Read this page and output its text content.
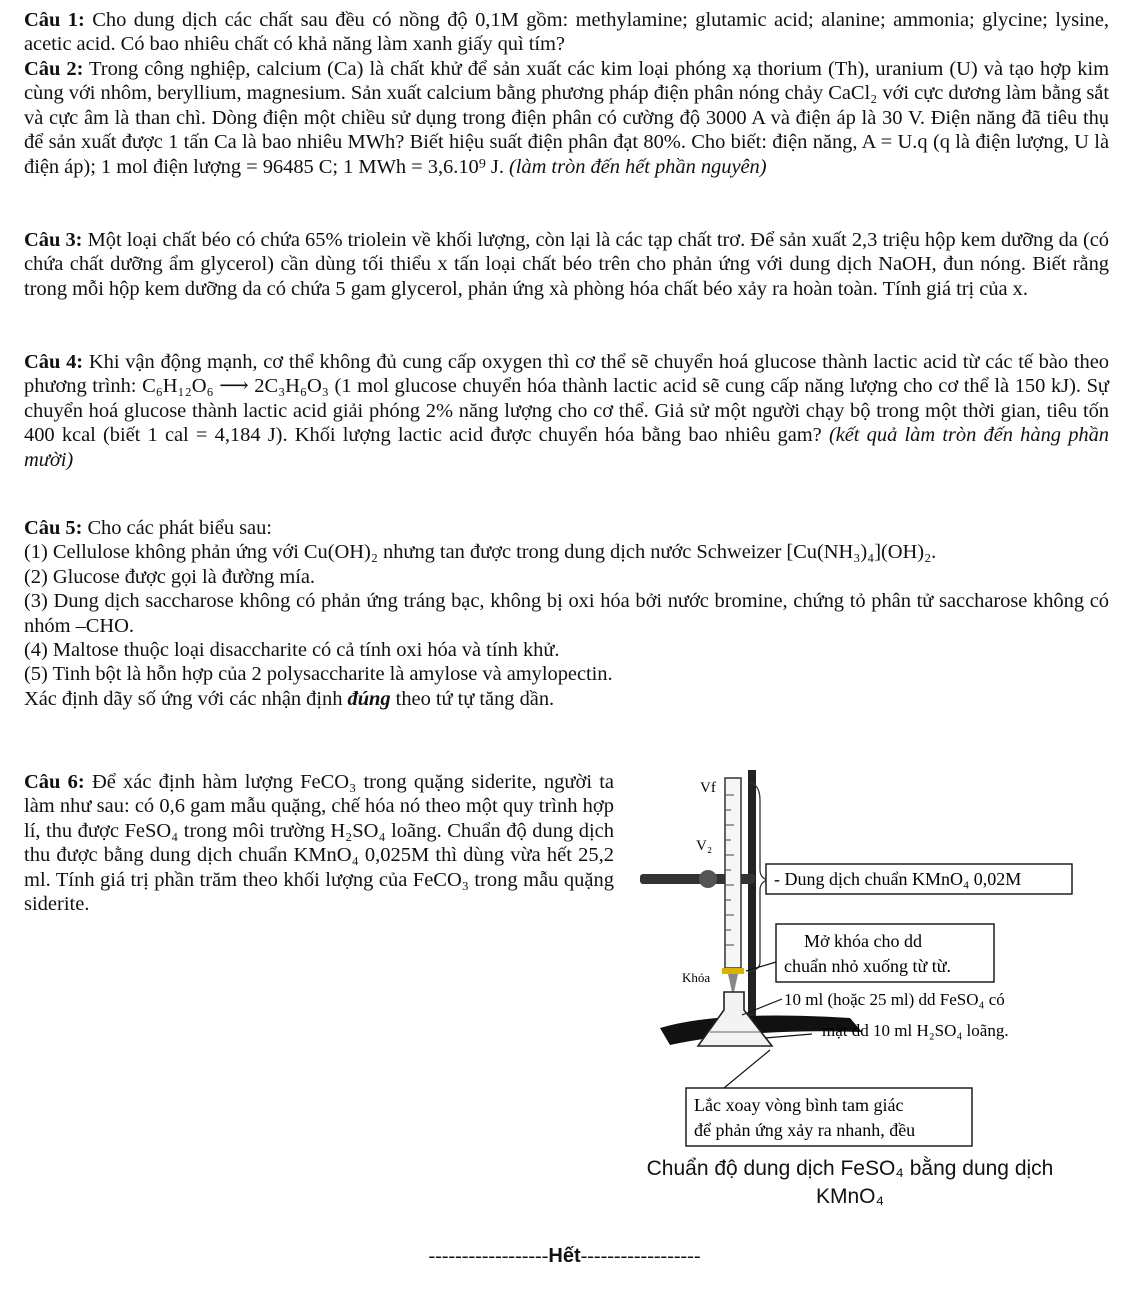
Câu 1: Cho dung dịch các chất sau đều có nồng độ 0,1M gồm: methylamine; glutamic acid; alanine; ammonia; glycine; lysine, acetic acid. Có bao nhiêu chất có khả năng làm xanh giấy quì tím?
Câu 2: Trong công nghiệp, calcium (Ca) là chất khử để sản xuất các kim loại phóng xạ thorium (Th), uranium (U) và tạo hợp kim cùng với nhôm, beryllium, magnesium. Sản xuất calcium bằng phương pháp điện phân nóng chảy CaCl₂ với cực dương làm bằng sắt và cực âm là than chì. Dòng điện một chiều sử dụng trong điện phân có cường độ 3000 A và điện áp là 30 V. Điện năng đã tiêu thụ để sản xuất được 1 tấn Ca là bao nhiêu MWh? Biết hiệu suất điện phân đạt 80%. Cho biết: điện năng, A = U.q (q là điện lượng, U là điện áp); 1 mol điện lượng = 96485 C; 1 MWh = 3,6.10⁹ J. (làm tròn đến hết phần nguyên)
Câu 3: Một loại chất béo có chứa 65% triolein về khối lượng, còn lại là các tạp chất trơ. Để sản xuất 2,3 triệu hộp kem dưỡng da (có chứa chất dưỡng ẩm glycerol) cần dùng tối thiểu x tấn loại chất béo trên cho phản ứng với dung dịch NaOH, đun nóng. Biết rằng trong mỗi hộp kem dưỡng da có chứa 5 gam glycerol, phản ứng xà phòng hóa chất béo xảy ra hoàn toàn. Tính giá trị của x.
Câu 4: Khi vận động mạnh, cơ thể không đủ cung cấp oxygen thì cơ thể sẽ chuyển hoá glucose thành lactic acid từ các tế bào theo phương trình: C₆H₁₂O₆ ⟶ 2C₃H₆O₃ (1 mol glucose chuyển hóa thành lactic acid sẽ cung cấp năng lượng cho cơ thể là 150 kJ). Sự chuyển hoá glucose thành lactic acid giải phóng 2% năng lượng cho cơ thể. Giả sử một người chạy bộ trong một thời gian, tiêu tốn 400 kcal (biết 1 cal = 4,184 J). Khối lượng lactic acid được chuyển hóa bằng bao nhiêu gam? (kết quả làm tròn đến hàng phần mười)
Câu 5: Cho các phát biểu sau:
(1) Cellulose không phản ứng với Cu(OH)₂ nhưng tan được trong dung dịch nước Schweizer [Cu(NH₃)₄](OH)₂.
(2) Glucose được gọi là đường mía.
(3) Dung dịch saccharose không có phản ứng tráng bạc, không bị oxi hóa bởi nước bromine, chứng tỏ phân tử saccharose không có nhóm –CHO.
(4) Maltose thuộc loại disaccharite có cả tính oxi hóa và tính khử.
(5) Tinh bột là hỗn hợp của 2 polysaccharite là amylose và amylopectin.
Xác định dãy số ứng với các nhận định đúng theo tứ tự tăng dần.
Câu 6: Để xác định hàm lượng FeCO₃ trong quặng siderite, người ta làm như sau: có 0,6 gam mẫu quặng, chế hóa nó theo một quy trình hợp lí, thu được FeSO₄ trong môi trường H₂SO₄ loãng. Chuẩn độ dung dịch thu được bằng dung dịch chuẩn KMnO₄ 0,025M thì dùng vừa hết 25,2 ml. Tính giá trị phần trăm theo khối lượng của FeCO₃ trong mẫu quặng siderite.
Vf
V₂
Khóa
- Dung dịch chuẩn KMnO₄ 0,02M
Mở khóa cho dd
chuẩn nhỏ xuống từ từ.
10 ml (hoặc 25 ml) dd FeSO₄ có
mặt dd 10 ml H₂SO₄ loãng.
Lắc xoay vòng bình tam giác
để phản ứng xảy ra nhanh, đều
Chuẩn độ dung dịch FeSO₄ bằng dung dịch
KMnO₄
------------------Hết------------------
